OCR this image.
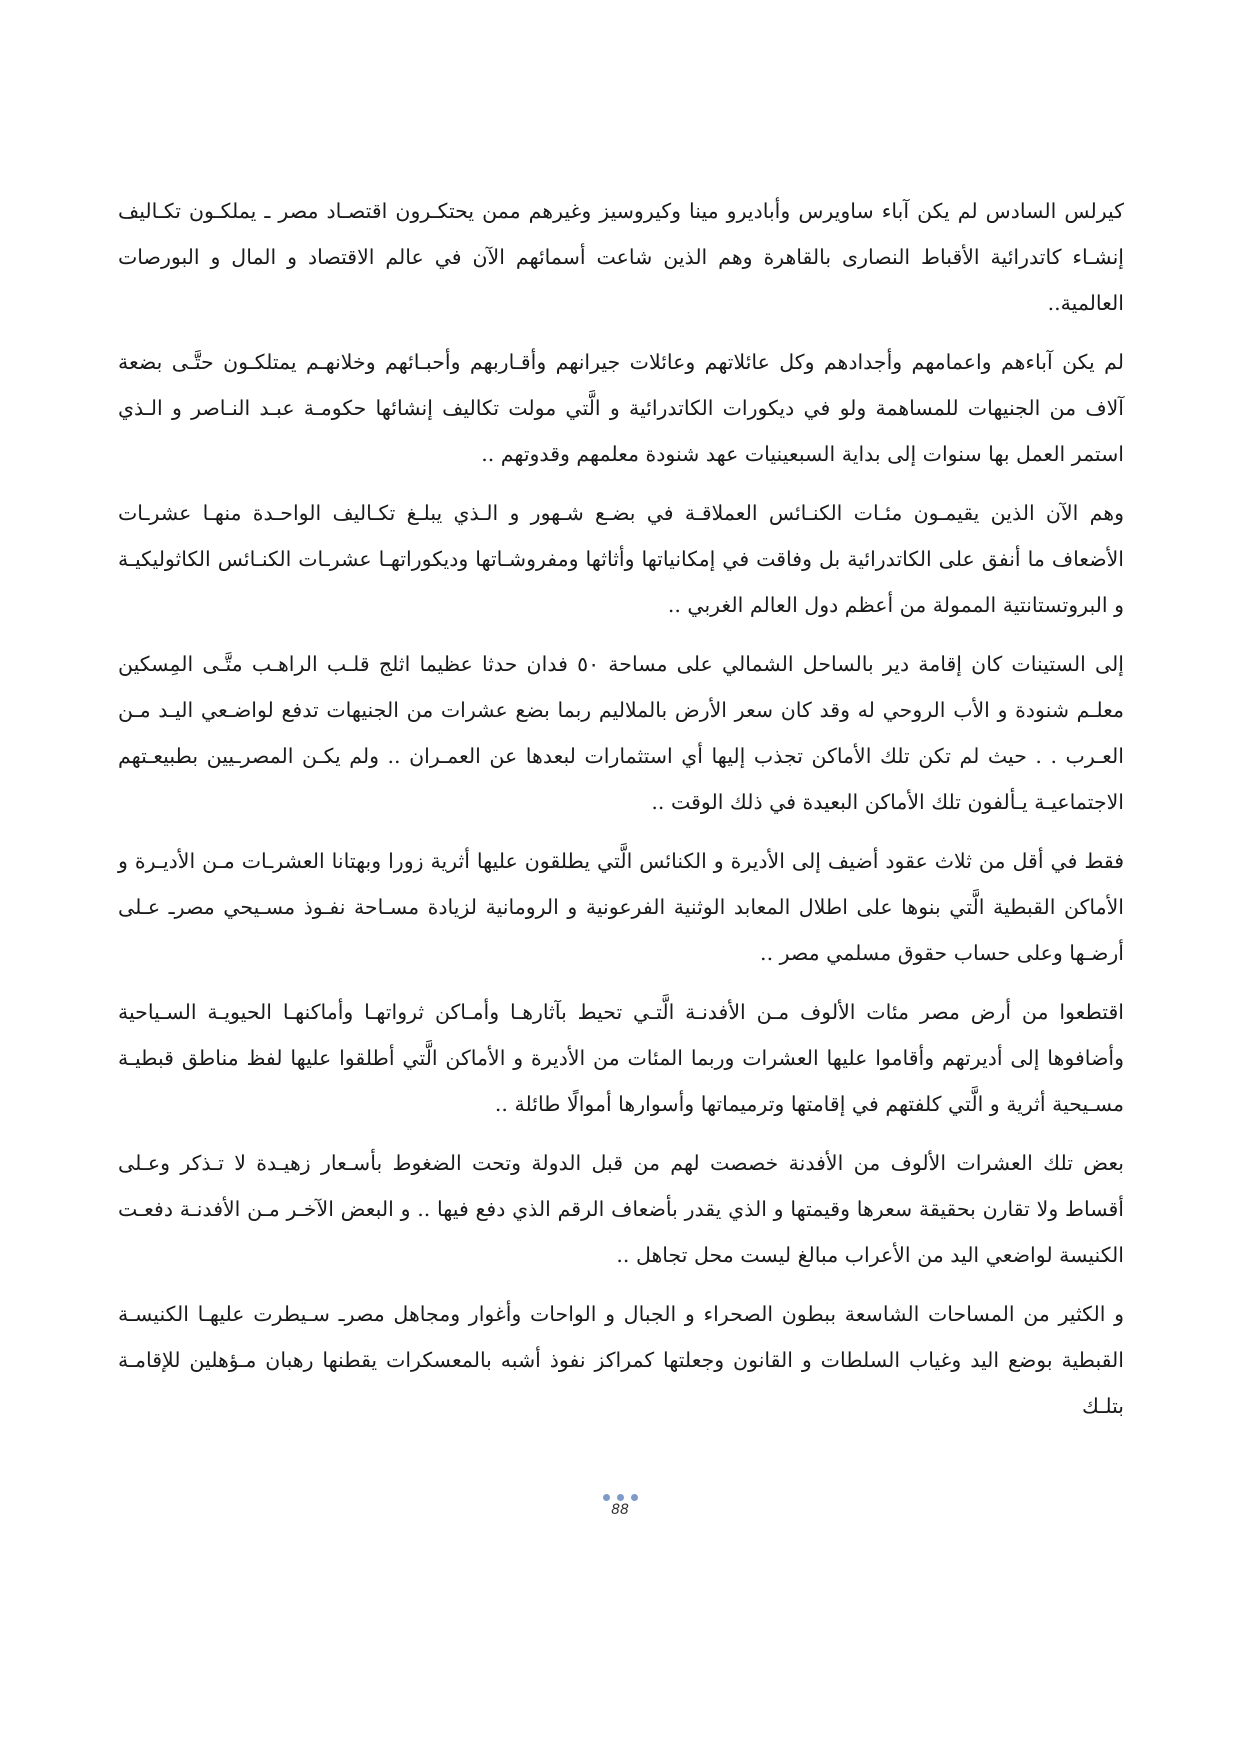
كيرلس السادس لم يكن آباء ساويرس وأباديرو مينا وكيروسيز وغيرهم ممن يحتكـرون اقتصـاد مصر ـ يملكـون تكـاليف إنشـاء كاتدرائية الأقباط النصارى بالقاهرة وهم الذين شاعت أسمائهم الآن في عالم الاقتصاد و المال و البورصات العالمية..

لم يكن آباءهم واعمامهم وأجدادهم وكل عائلاتهم وعائلات جيرانهم وأقـاربهم وأحبـائهم وخلانهـم يمتلكـون حتَّـى بضعة آلاف من الجنيهات للمساهمة ولو في ديكورات الكاتدرائية و الَّتي مولت تكاليف إنشائها حكومـة عبـد النـاصر و الـذي استمر العمل بها سنوات إلى بداية السبعينيات عهد شنودة معلمهم وقدوتهم ..

وهم الآن الذين يقيمـون مئـات الكنـائس العملاقـة في بضـع شـهور و الـذي يبلـغ تكـاليف الواحـدة منهـا عشرـات الأضعاف ما أنفق على الكاتدرائية بل وفاقت في إمكانياتها وأثاثها ومفروشـاتها وديكوراتهـا عشرـات الكنـائس الكاثوليكيـة و البروتستانتية الممولة من أعظم دول العالم الغربي ..

إلى الستينات كان إقامة دير بالساحل الشمالي على مساحة ٥٠ فدان حدثا عظيما اثلج قلـب الراهـب متَّـى المِسكين معلـم شنودة و الأب الروحي له وقد كان سعر الأرض بالملاليم ربما بضع عشرات من الجنيهات تدفع لواضـعي اليـد مـن العـرب . . حيث لم تكن تلك الأماكن تجذب إليها أي استثمارات لبعدها عن العمـران .. ولم يكـن المصرـيين بطبيعـتهم الاجتماعيـة يـألفون تلك الأماكن البعيدة في ذلك الوقت ..

فقط في أقل من ثلاث عقود أضيف إلى الأديرة و الكنائس الَّتي يطلقون عليها أثرية زورا وبهتانا العشرـات مـن الأديـرة و الأماكن القبطية الَّتي بنوها على اطلال المعابد الوثنية الفرعونية و الرومانية لزيادة مسـاحة نفـوذ مسـيحي مصرـ عـلى أرضـها وعلى حساب حقوق مسلمي مصر ..

اقتطعوا من أرض مصر مئات الألوف مـن الأفدنـة الَّتـي تحيط بآثارهـا وأمـاكن ثرواتهـا وأماكنهـا الحيويـة السـياحية وأضافوها إلى أديرتهم وأقاموا عليها العشرات وربما المئات من الأديرة و الأماكن الَّتي أطلقوا عليها لفظ مناطق قبطيـة مسـيحية أثرية و الَّتي كلفتهم في إقامتها وترميماتها وأسوارها أموالًا طائلة ..

بعض تلك العشرات الألوف من الأفدنة خصصت لهم من قبل الدولة وتحت الضغوط بأسـعار زهيـدة لا تـذكر وعـلى أقساط ولا تقارن بحقيقة سعرها وقيمتها و الذي يقدر بأضعاف الرقم الذي دفع فيها .. و البعض الآخـر مـن الأفدنـة دفعـت الكنيسة لواضعي اليد من الأعراب مبالغ ليست محل تجاهل ..

و الكثير من المساحات الشاسعة ببطون الصحراء و الجبال و الواحات وأغوار ومجاهل مصرـ سـيطرت عليهـا الكنيسـة القبطية بوضع اليد وغياب السلطات و القانون وجعلتها كمراكز نفوذ أشبه بالمعسكرات يقطنها رهبان مـؤهلين للإقامـة بتلـك

88
